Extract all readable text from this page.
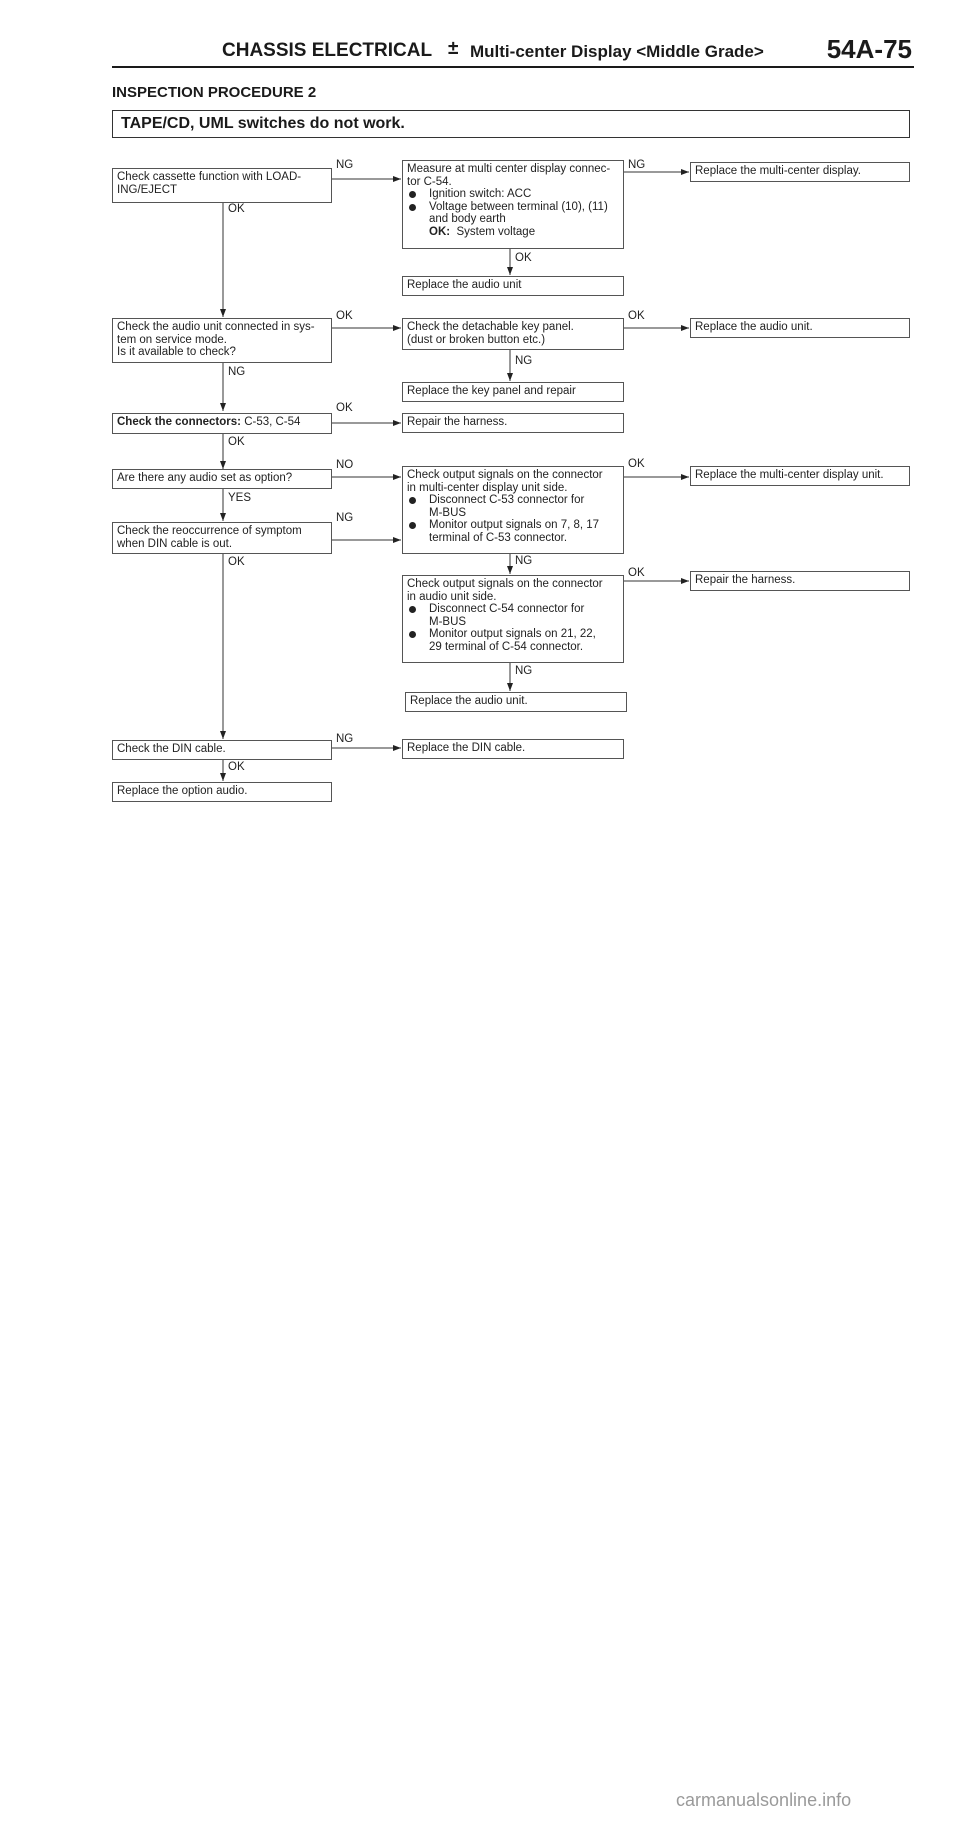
CHASSIS ELECTRICAL ± Multi-center Display <Middle Grade> 54A-75
INSPECTION PROCEDURE 2
TAPE/CD, UML switches do not work.
Check cassette function with LOAD-
ING/EJECT
Measure at multi center display connec-
tor C-54.
Ignition switch: ACC
Voltage between terminal (10), (11)
and body earth
OK: System voltage
Replace the multi-center display.
Replace the audio unit
Check the audio unit connected in sys-
tem on service mode.
Is it available to check?
Check the detachable key panel.
(dust or broken button etc.)
Replace the audio unit.
Replace the key panel and repair
Check the connectors: C-53, C-54	Repair the harness.
Are there any audio set as option?	Check output signals on the connector
in multi-center display unit side.
Disconnect C-53 connector for
M-BUS
Monitor output signals on 7, 8, 17
terminal of C-53 connector.
Replace the multi-center display unit.
Check the reoccurrence of symptom
when DIN cable is out.
Check output signals on the connector
in audio unit side.
Disconnect C-54 connector for
M-BUS
Monitor output signals on 21, 22,
29 terminal of C-54 connector.
Repair the harness.
Replace the audio unit.
Check the DIN cable.	Replace the DIN cable.
Replace the option audio.
NG
OK
NG
OK
OK	OK
NG
NG
OK
OK
NO	OK
YES
NG
OK	NG
OK
NG
NG
OK
carmanualsonline.info
